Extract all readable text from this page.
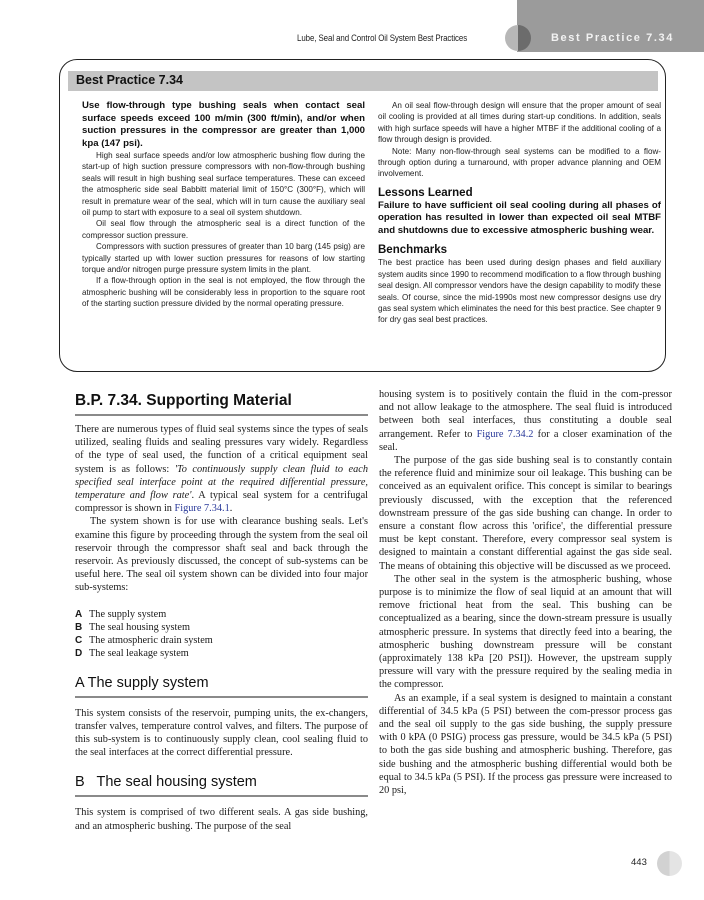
Lube, Seal and Control Oil System Best Practices	Best Practice 7.34
Best Practice 7.34
Use flow-through type bushing seals when contact seal surface speeds exceed 100 m/min (300 ft/min), and/or when suction pressures in the compressor are greater than 1,000 kpa (147 psi).
High seal surface speeds and/or low atmospheric bushing flow during the start-up of high suction pressure compressors with non-flow-through bushing seals will result in high bushing seal surface temperatures. These can exceed the atmospheric side seal Babbitt material limit of 150°C (300°F), which will result in premature wear of the seal, which will in turn cause the auxiliary seal oil pump to start with exposure to a seal oil system shutdown.
Oil seal flow through the atmospheric seal is a direct function of the compressor suction pressure.
Compressors with suction pressures of greater than 10 barg (145 psig) are typically started up with lower suction pressures for reasons of low starting torque and/or nitrogen purge pressure system limits in the plant.
If a flow-through option in the seal is not employed, the flow through the atmospheric bushing will be considerably less in proportion to the square root of the starting suction pressure divided by the normal operating pressure.
An oil seal flow-through design will ensure that the proper amount of seal oil cooling is provided at all times during start-up conditions. In addition, seals with high surface speeds will have a higher MTBF if the additional cooling of a flow through design is provided.
Note: Many non-flow-through seal systems can be modified to a flow-through option during a turnaround, with proper advance planning and OEM involvement.
Lessons Learned
Failure to have sufficient oil seal cooling during all phases of operation has resulted in lower than expected oil seal MTBF and shutdowns due to excessive atmospheric bushing wear.
Benchmarks
The best practice has been used during design phases and field auxiliary system audits since 1990 to recommend modification to a flow through bushing seal design. All compressor vendors have the design capability to modify these seals. Of course, since the mid-1990s most new compressor designs use dry gas seal system which eliminates the need for this best practice. See chapter 9 for dry gas seal best practices.
B.P. 7.34. Supporting Material
There are numerous types of fluid seal systems since the types of seals utilized, sealing fluids and sealing pressures vary widely. Regardless of the type of seal used, the function of a critical equipment seal system is as follows: 'To continuously supply clean fluid to each specified seal interface point at the required differential pressure, temperature and flow rate'. A typical seal system for a centrifugal compressor is shown in Figure 7.34.1.
The system shown is for use with clearance bushing seals. Let's examine this figure by proceeding through the system from the seal oil reservoir through the compressor shaft seal and back through the reservoir. As previously discussed, the concept of sub-systems can be useful here. The seal oil system shown can be divided into four major sub-systems:
A The supply system
B The seal housing system
C The atmospheric drain system
D The seal leakage system
A The supply system
This system consists of the reservoir, pumping units, the ex-changers, transfer valves, temperature control valves, and filters. The purpose of this sub-system is to continuously supply clean, cool sealing fluid to the seal interfaces at the correct differential pressure.
B   The seal housing system
This system is comprised of two different seals. A gas side bushing, and an atmospheric bushing. The purpose of the seal
housing system is to positively contain the fluid in the com-pressor and not allow leakage to the atmosphere. The seal fluid is introduced between both seal interfaces, thus constituting a double seal arrangement. Refer to Figure 7.34.2 for a closer examination of the seal.
The purpose of the gas side bushing seal is to constantly contain the reference fluid and minimize sour oil leakage. This bushing can be conceived as an equivalent orifice. This concept is similar to bearings previously discussed, with the exception that the referenced downstream pressure of the gas side bushing can change. In order to ensure a constant flow across this 'orifice', the differential pressure must be kept constant. Therefore, every compressor seal system is designed to maintain a constant differential against the gas side seal. The means of obtaining this objective will be discussed as we proceed.
The other seal in the system is the atmospheric bushing, whose purpose is to minimize the flow of seal liquid at an amount that will remove frictional heat from the seal. This bushing can be conceptualized as a bearing, since the down-stream pressure is usually atmospheric pressure. In systems that directly feed into a bearing, the atmospheric bushing downstream pressure will be constant (approximately 138 kPa [20 PSI]). However, the upstream supply pressure will vary with the pressure required by the sealing media in the compressor.
As an example, if a seal system is designed to maintain a constant differential of 34.5 kPa (5 PSI) between the com-pressor process gas and the seal oil supply to the gas side bushing, the supply pressure with 0 kPA (0 PSIG) process gas pressure, would be 34.5 kPa (5 PSI) to both the gas side bushing and atmospheric bushing. Therefore, gas side bushing and the atmospheric bushing differential would both be equal to 34.5 kPa (5 PSI). If the process gas pressure were increased to 20 psi,
443
